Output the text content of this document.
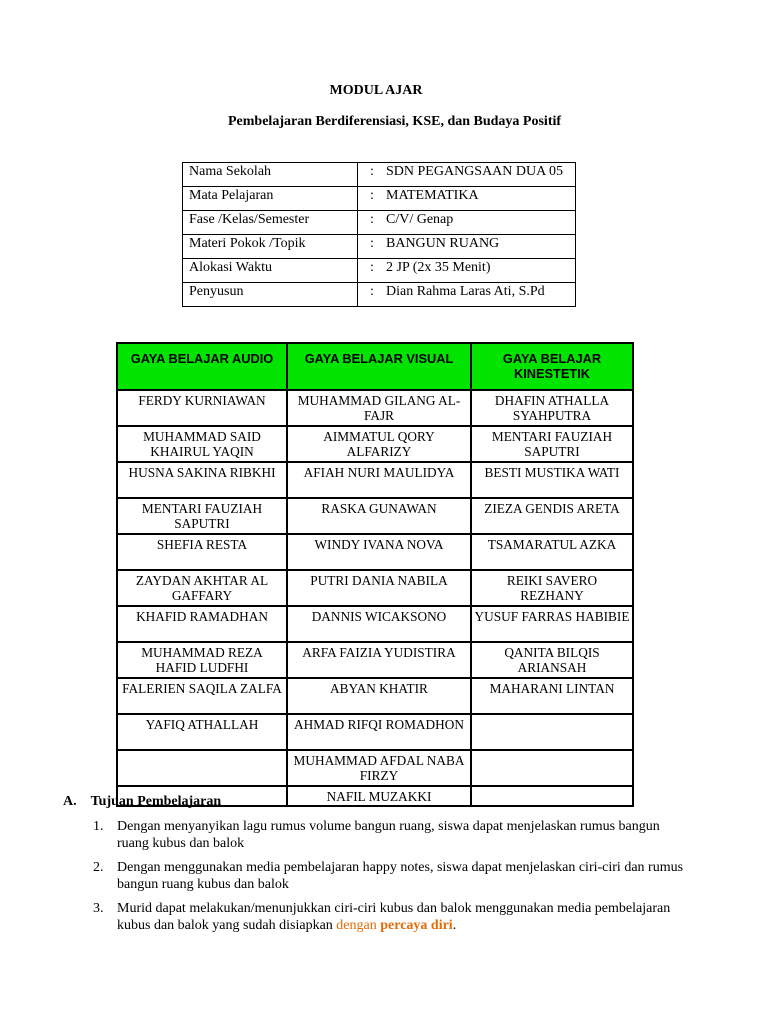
MODUL AJAR
Pembelajaran Berdiferensiasi, KSE, dan Budaya Positif
Nama Sekolah	:	SDN PEGANGSAAN DUA 05
Mata Pelajaran	:	MATEMATIKA
Fase /Kelas/Semester	:	C/V/ Genap
Materi Pokok /Topik	:	BANGUN RUANG
Alokasi Waktu	:	2 JP (2x 35 Menit)
Penyusun	:	Dian Rahma Laras Ati, S.Pd
GAYA BELAJAR AUDIO	GAYA BELAJAR VISUAL	GAYA BELAJAR KINESTETIK
FERDY KURNIAWAN	MUHAMMAD GILANG AL-FAJR	DHAFIN ATHALLA SYAHPUTRA
MUHAMMAD SAID KHAIRUL YAQIN	AIMMATUL QORY ALFARIZY	MENTARI FAUZIAH SAPUTRI
HUSNA SAKINA RIBKHI	AFIAH NURI MAULIDYA	BESTI MUSTIKA WATI
MENTARI FAUZIAH SAPUTRI	RASKA GUNAWAN	ZIEZA GENDIS ARETA
SHEFIA RESTA	WINDY IVANA NOVA	TSAMARATUL AZKA
ZAYDAN AKHTAR AL GAFFARY	PUTRI DANIA NABILA	REIKI SAVERO REZHANY
KHAFID RAMADHAN	DANNIS WICAKSONO	YUSUF FARRAS HABIBIE
MUHAMMAD REZA HAFID LUDFHI	ARFA FAIZIA YUDISTIRA	QANITA BILQIS ARIANSAH
FALERIEN SAQILA ZALFA	ABYAN KHATIR	MAHARANI LINTAN
YAFIQ ATHALLAH	AHMAD RIFQI ROMADHON	
	MUHAMMAD AFDAL NABA FIRZY	
	NAFIL MUZAKKI	
A. Tujuan Pembelajaran
1. Dengan menyanyikan lagu rumus volume bangun ruang, siswa dapat menjelaskan rumus bangun ruang kubus dan balok
2. Dengan menggunakan media pembelajaran happy notes, siswa dapat menjelaskan ciri-ciri dan rumus bangun ruang kubus dan balok
3. Murid dapat melakukan/menunjukkan ciri-ciri kubus dan balok menggunakan media pembelajaran kubus dan balok yang sudah disiapkan dengan percaya diri.
